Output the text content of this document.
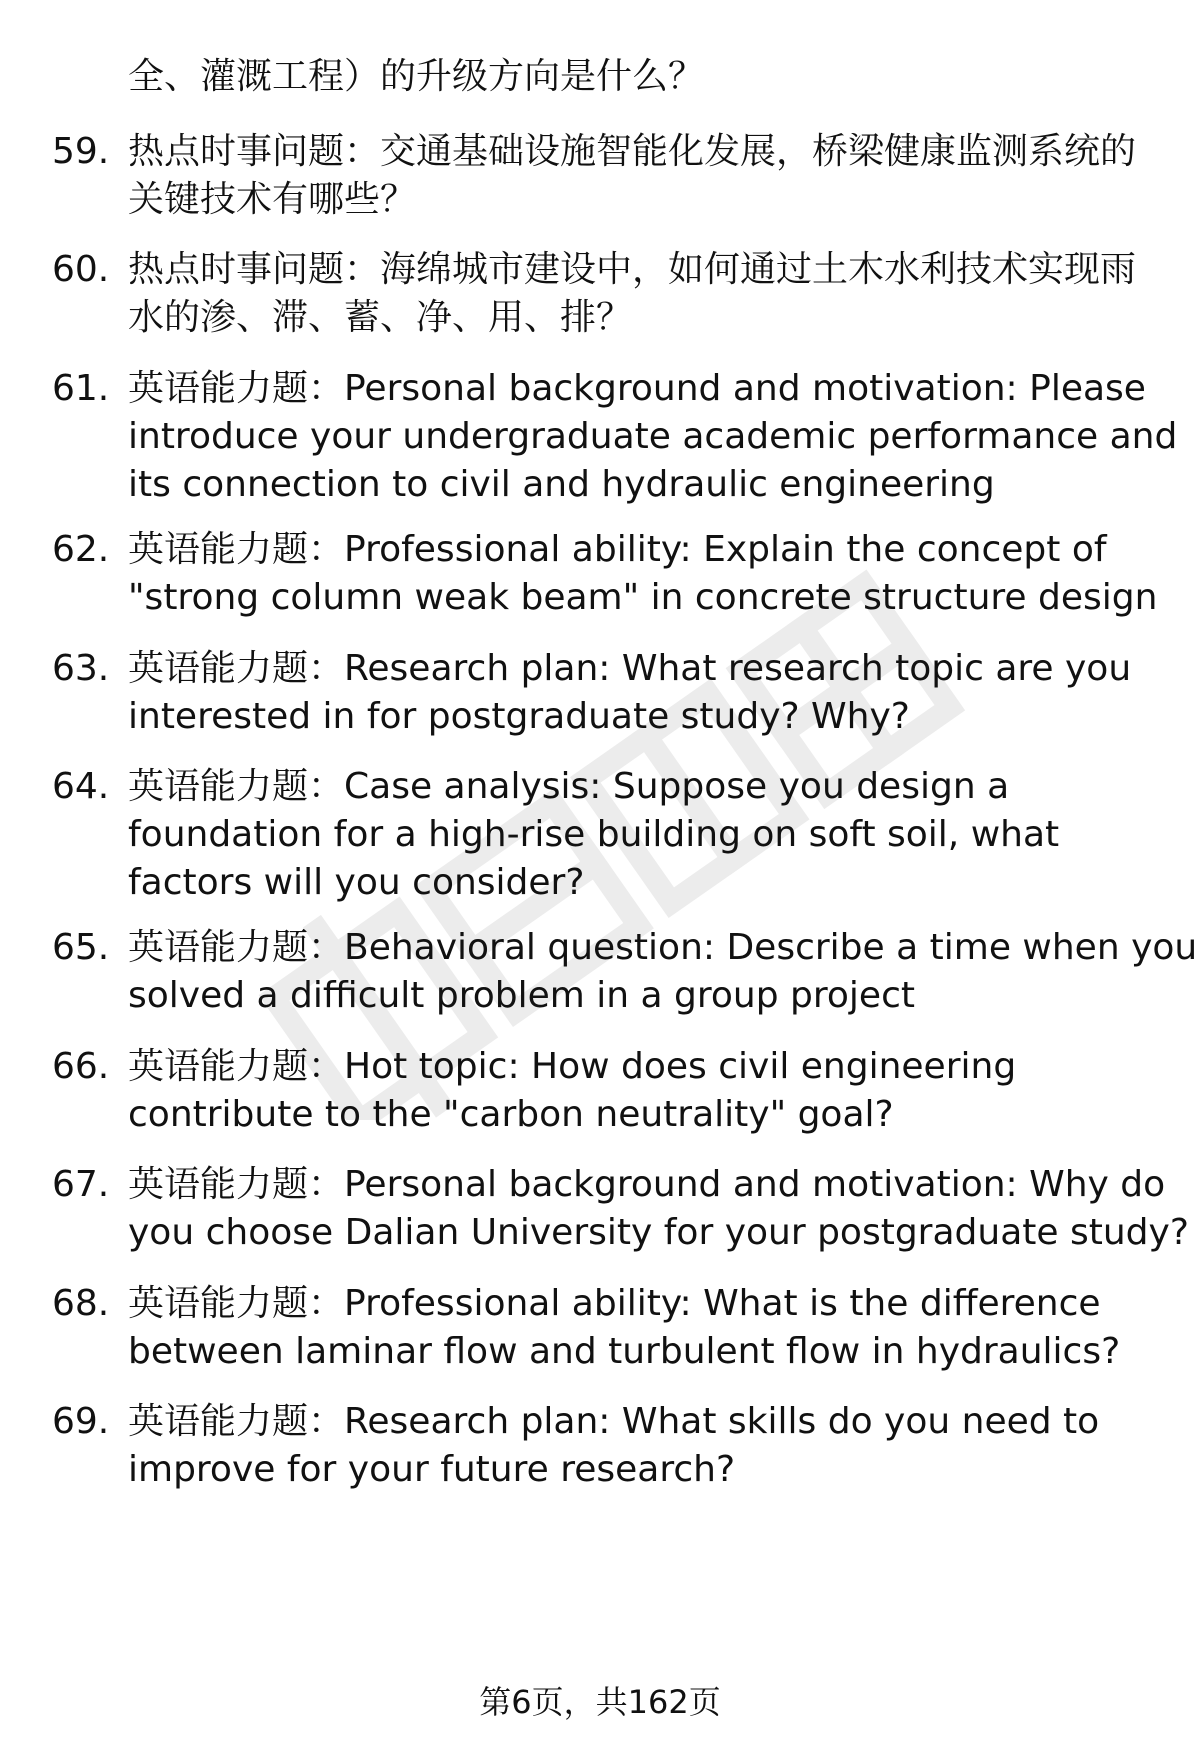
全、灌溉工程）的升级方向是什么？
59. 热点时事问题：交通基础设施智能化发展，桥梁健康监测系统的
关键技术有哪些？
60. 热点时事问题：海绵城市建设中，如何通过土木水利技术实现雨
水的渗、滞、蓄、净、用、排？
61. 英语能力题：Personal background and motivation: Please
introduce your undergraduate academic performance and
its connection to civil and hydraulic engineering
62. 英语能力题：Professional ability: Explain the concept of
"strong column weak beam" in concrete structure design
63. 英语能力题：Research plan: What research topic are you
interested in for postgraduate study? Why?
64. 英语能力题：Case analysis: Suppose you design a
foundation for a high-rise building on soft soil, what
factors will you consider?
65. 英语能力题：Behavioral question: Describe a time when you
solved a difficult problem in a group project
66. 英语能力题：Hot topic: How does civil engineering
contribute to the "carbon neutrality" goal?
67. 英语能力题：Personal background and motivation: Why do
you choose Dalian University for your postgraduate study?
68. 英语能力题：Professional ability: What is the difference
between laminar flow and turbulent flow in hydraulics?
69. 英语能力题：Research plan: What skills do you need to
improve for your future research?
第6页，共162页
